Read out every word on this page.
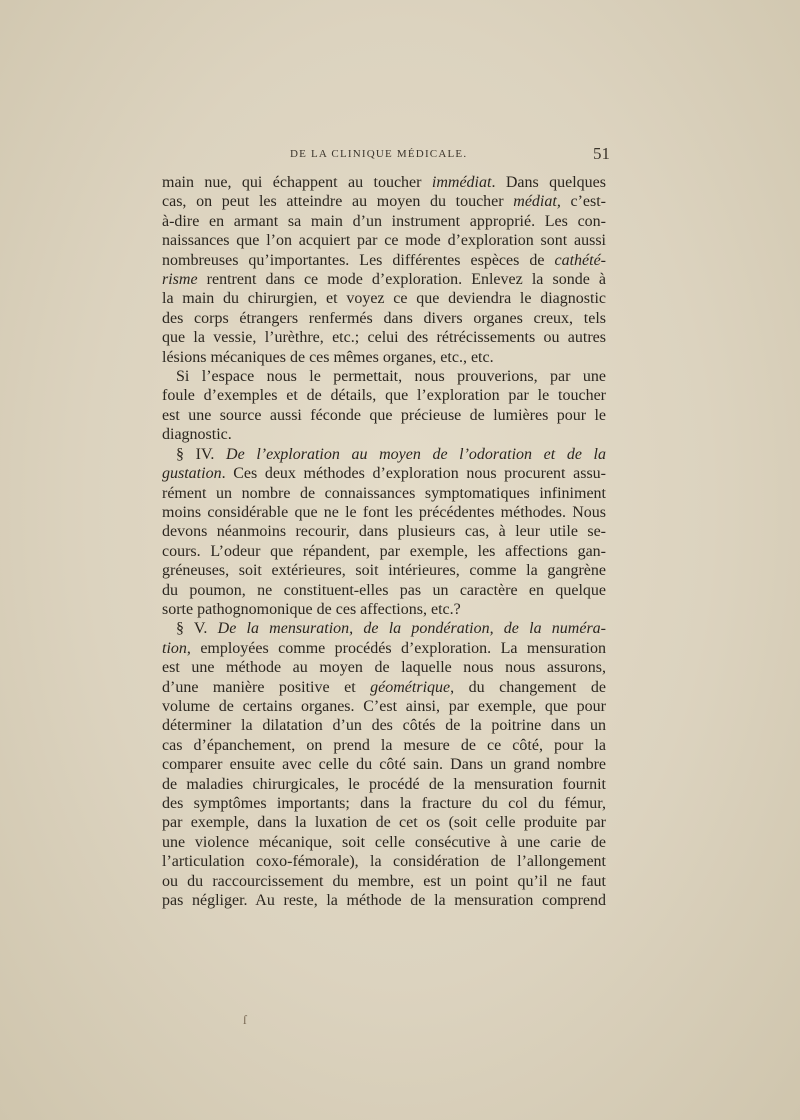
DE LA CLINIQUE MÉDICALE.	51
main nue, qui échappent au toucher immédiat. Dans quelques
cas, on peut les atteindre au moyen du toucher médiat, c’est-
à-dire en armant sa main d’un instrument approprié. Les con-
naissances que l’on acquiert par ce mode d’exploration sont aussi
nombreuses qu’importantes. Les différentes espèces de cathété-
risme rentrent dans ce mode d’exploration. Enlevez la sonde à
la main du chirurgien, et voyez ce que deviendra le diagnostic
des corps étrangers renfermés dans divers organes creux, tels
que la vessie, l’urèthre, etc.; celui des rétrécissements ou autres
lésions mécaniques de ces mêmes organes, etc., etc.
Si l’espace nous le permettait, nous prouverions, par une
foule d’exemples et de détails, que l’exploration par le toucher
est une source aussi féconde que précieuse de lumières pour le
diagnostic.
§ IV. De l’exploration au moyen de l’odoration et de la
gustation. Ces deux méthodes d’exploration nous procurent assu-
rément un nombre de connaissances symptomatiques infiniment
moins considérable que ne le font les précédentes méthodes. Nous
devons néanmoins recourir, dans plusieurs cas, à leur utile se-
cours. L’odeur que répandent, par exemple, les affections gan-
gréneuses, soit extérieures, soit intérieures, comme la gangrène
du poumon, ne constituent-elles pas un caractère en quelque
sorte pathognomonique de ces affections, etc.?
§ V. De la mensuration, de la pondération, de la numéra-
tion, employées comme procédés d’exploration. La mensuration
est une méthode au moyen de laquelle nous nous assurons,
d’une manière positive et géométrique, du changement de
volume de certains organes. C’est ainsi, par exemple, que pour
déterminer la dilatation d’un des côtés de la poitrine dans un
cas d’épanchement, on prend la mesure de ce côté, pour la
comparer ensuite avec celle du côté sain. Dans un grand nombre
de maladies chirurgicales, le procédé de la mensuration fournit
des symptômes importants; dans la fracture du col du fémur,
par exemple, dans la luxation de cet os (soit celle produite par
une violence mécanique, soit celle consécutive à une carie de
l’articulation coxo-fémorale), la considération de l’allongement
ou du raccourcissement du membre, est un point qu’il ne faut
pas négliger. Au reste, la méthode de la mensuration comprend
ſ
